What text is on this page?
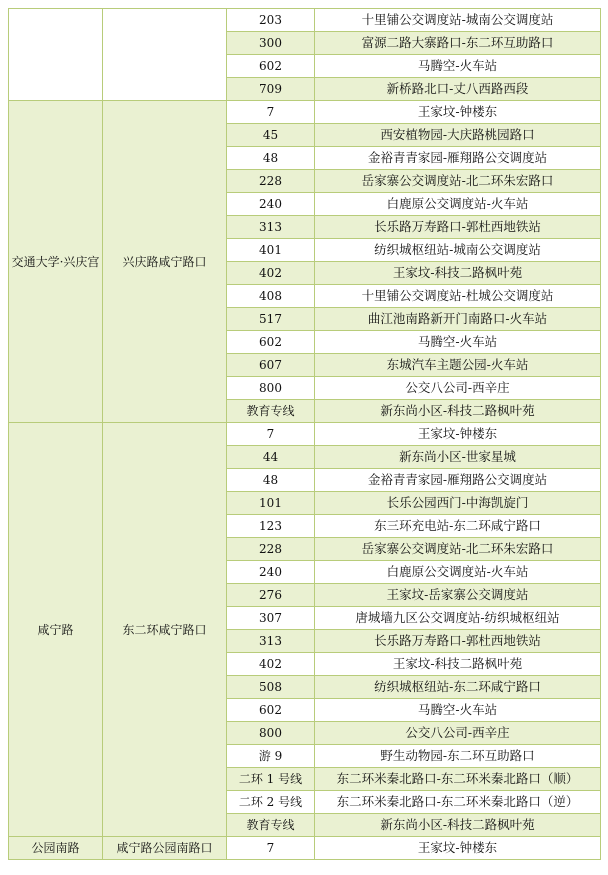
		203	十里铺公交调度站-城南公交调度站
		300	富源二路大寨路口-东二环互助路口
		602	马腾空-火车站
		709	新桥路北口-丈八西路西段
交通大学·兴庆宫	兴庆路咸宁路口	7	王家坟-钟楼东
		45	西安植物园-大庆路桃园路口
		48	金裕青青家园-雁翔路公交调度站
		228	岳家寨公交调度站-北二环朱宏路口
		240	白鹿原公交调度站-火车站
		313	长乐路万寿路口-郭杜西地铁站
		401	纺织城枢纽站-城南公交调度站
		402	王家坟-科技二路枫叶苑
		408	十里铺公交调度站-杜城公交调度站
		517	曲江池南路新开门南路口-火车站
		602	马腾空-火车站
		607	东城汽车主题公园-火车站
		800	公交八公司-西辛庄
		教育专线	新东尚小区-科技二路枫叶苑
咸宁路	东二环咸宁路口	7	王家坟-钟楼东
		44	新东尚小区-世家星城
		48	金裕青青家园-雁翔路公交调度站
		101	长乐公园西门-中海凯旋门
		123	东三环充电站-东二环咸宁路口
		228	岳家寨公交调度站-北二环朱宏路口
		240	白鹿原公交调度站-火车站
		276	王家坟-岳家寨公交调度站
		307	唐城墙九区公交调度站-纺织城枢纽站
		313	长乐路万寿路口-郭杜西地铁站
		402	王家坟-科技二路枫叶苑
		508	纺织城枢纽站-东二环咸宁路口
		602	马腾空-火车站
		800	公交八公司-西辛庄
		游 9	野生动物园-东二环互助路口
		二环 1 号线	东二环米秦北路口-东二环米秦北路口（顺）
		二环 2 号线	东二环米秦北路口-东二环米秦北路口（逆）
		教育专线	新东尚小区-科技二路枫叶苑
公园南路	咸宁路公园南路口	7	王家坟-钟楼东
